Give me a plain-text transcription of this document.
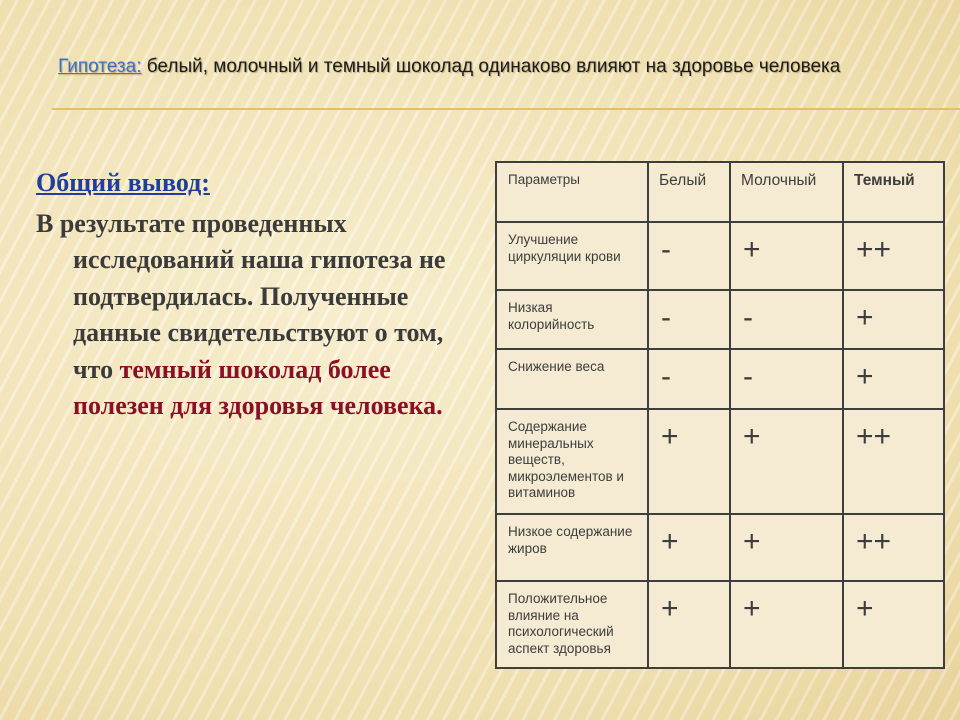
Гипотеза: белый, молочный и темный шоколад одинаково влияют на здоровье человека
Общий вывод:
В результате проведенных исследований наша гипотеза не подтвердилась. Полученные данные свидетельствуют о том, что темный шоколад более полезен для здоровья человека.
Параметры	Белый	Молочный	Темный
Улучшение циркуляции крови	-	+	++
Низкая колорийность	-	-	+
Снижение веса	-	-	+
Содержание минеральных веществ, микроэлементов и витаминов	+	+	++
Низкое содержание жиров	+	+	++
Положительное влияние на психологический аспект здоровья	+	+	+
